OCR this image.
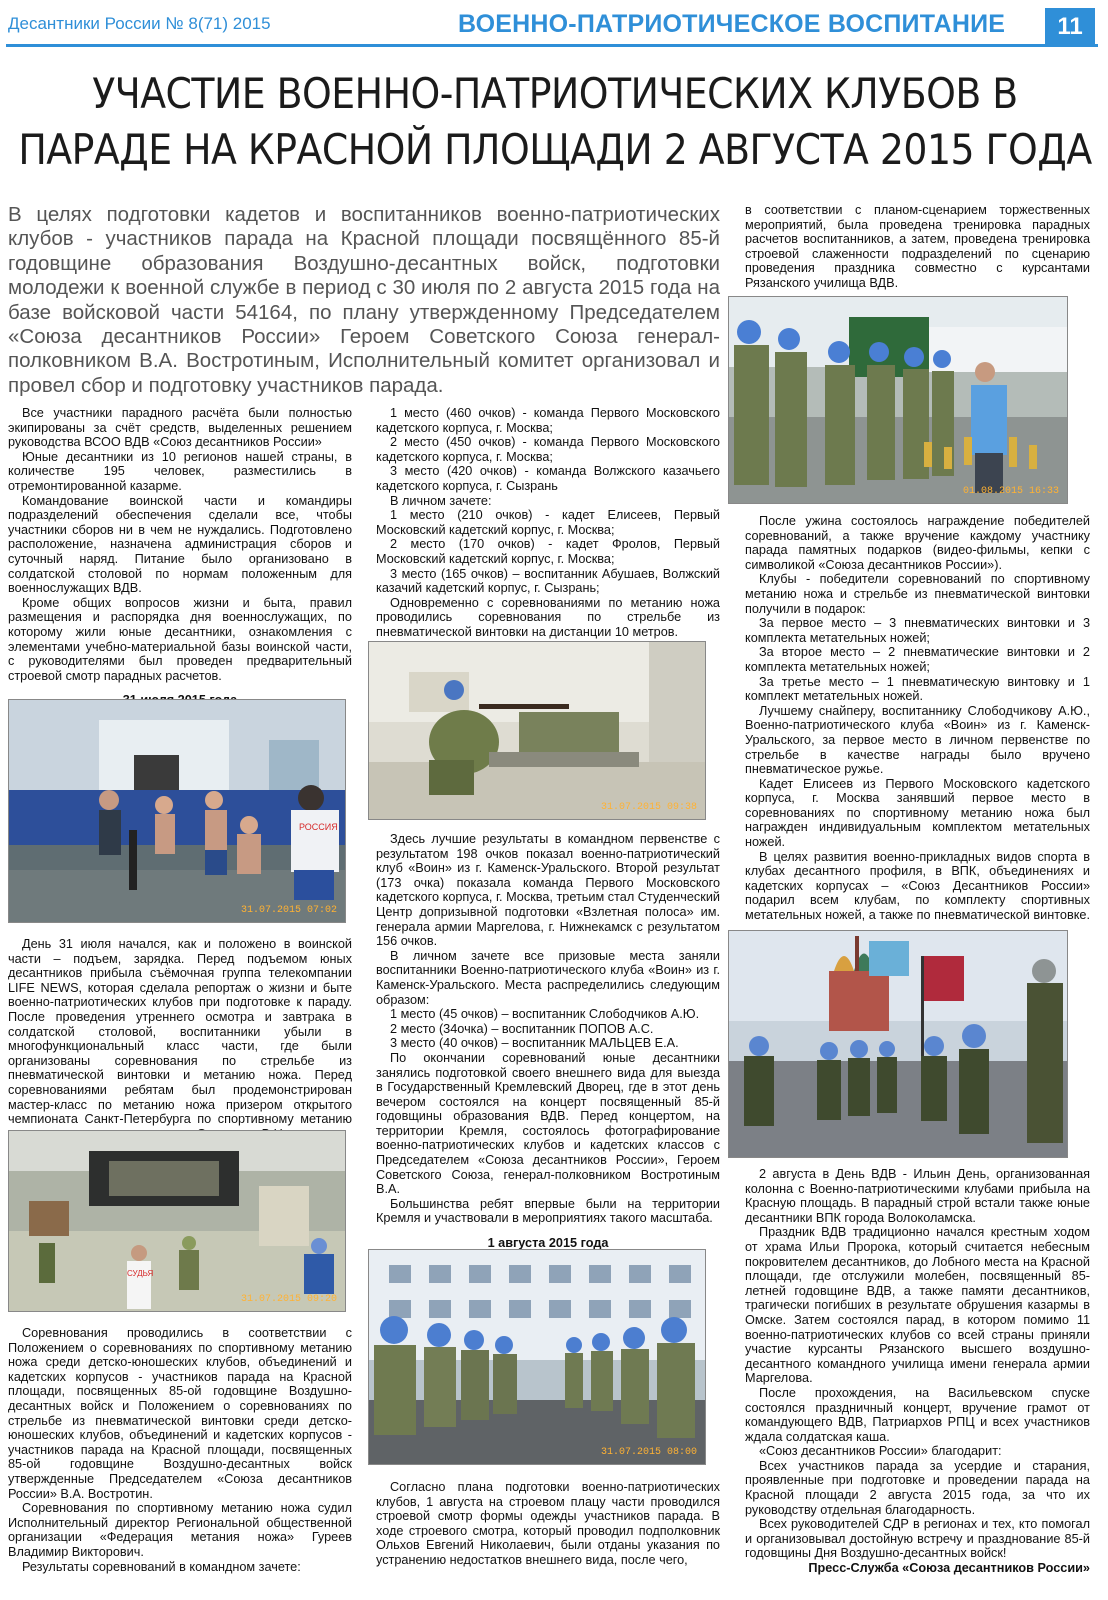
Десантники России № 8(71) 2015	ВОЕННО-ПАТРИОТИЧЕСКОЕ ВОСПИТАНИЕ	11
УЧАСТИЕ ВОЕННО-ПАТРИОТИЧЕСКИХ КЛУБОВ В ПАРАДЕ НА КРАСНОЙ ПЛОЩАДИ 2 АВГУСТА 2015 ГОДА
В целях подготовки кадетов и воспитанников военно-патриотических клубов - участников парада на Красной площади посвящённого 85-й годовщине образования Воздушно-десантных войск, подготовки молодежи к военной службе в период с 30 июля по 2 августа 2015 года на базе войсковой части 54164, по плану утвержденному Председателем «Союза десантников России» Героем Советского Союза генерал-полковником В.А. Востротиным, Исполнительный комитет организовал и провел сбор и подготовку участников парада.

Все участники парадного расчёта были полностью экипированы за счёт средств, выделенных решением руководства ВСОО ВДВ «Союз десантников России»

Юные десантники из 10 регионов нашей страны, в количестве 195 человек, разместились в отремонтированной казарме.

Командование воинской части и командиры подразделений обеспечения сделали все, чтобы участники сборов ни в чем не нуждались. Подготовлено расположение, назначена администрация сборов и суточный наряд. Питание было организовано в солдатской столовой по нормам положенным для военнослужащих ВДВ.

Кроме общих вопросов жизни и быта, правил размещения и распорядка дня военнослужащих, по которому жили юные десантники, ознакомления с элементами учебно-материальной базы воинской части, с руководителями был проведен предварительный строевой смотр парадных расчетов.

РОССИЯ
31.07.2015 07:02

День 31 июля начался, как и положено в воинской части – подъем, зарядка. Перед подъемом юных десантников прибыла съёмочная группа телекомпании LIFE NEWS, которая сделала репортаж о жизни и быте военно-патриотических клубов при подготовке к параду. После проведения утреннего осмотра и завтрака в солдатской столовой, воспитанники убыли в многофункциональный класс части, где были организованы соревнования по стрельбе из пневматической винтовки и метанию ножа. Перед соревнованиями ребятам был продемонстрирован мастер-класс по метанию ножа призером открытого чемпионата Санкт-Петербурга по спортивному метанию

СУДЬЯ
31.07.2015 09:20

Соревнования проводились в соответствии с Положением о соревнованиях по спортивному метанию ножа среди детско-юношеских клубов, объединений и кадетских корпусов - участников парада на Красной площади, посвященных 85-ой годовщине Воздушно-десантных войск и Положением о соревнованиях по стрельбе из пневматической винтовки среди детско-юношеских клубов, объединений и кадетских корпусов - участников парада на Красной площади, посвященных 85-ой годовщине Воздушно-десантных войск утвержденные Председателем «Союза десантников России» В.А. Востротин.

Соревнования по спортивному метанию ножа судил Исполнительный директор Региональной общественной организации «Федерация метания ножа» Гуреев Владимир Викторович.

Результаты соревнований в командном зачете:

1 место (460 очков) - команда Первого Московского кадетского корпуса, г. Москва;

2 место (450 очков) - команда Первого Московского кадетского корпуса, г. Москва;

3 место (420 очков) - команда Волжского казачьего кадетского корпуса, г. Сызрань

В личном зачете:

1 место (210 очков) - кадет Елисеев, Первый Московский кадетский корпус, г. Москва;

2 место (170 очков) - кадет Фролов, Первый Московский кадетский корпус, г. Москва;

3 место (165 очков) – воспитанник Абушаев, Волжский казачий кадетский корпус, г. Сызрань;

Одновременно с соревнованиями по метанию ножа проводились соревнования по стрельбе из пневматической винтовки на дистанции 10 метров.

31.07.2015 09:38

Здесь лучшие результаты в командном первенстве с результатом 198 очков показал военно-патриотический клуб «Воин» из г. Каменск-Уральского. Второй результат (173 очка) показала команда Первого Московского кадетского корпуса, г. Москва, третьим стал Студенческий Центр допризывной подготовки «Взлетная полоса» им. генерала армии Маргелова, г. Нижнекамск с результатом 156 очков.

В личном зачете все призовые места заняли воспитанники Военно-патриотического клуба «Воин» из г. Каменск-Уральского. Места распределились следующим образом:

1 место (45 очков) – воспитанник Слободчиков А.Ю.

2 место (34очка) – воспитанник ПОПОВ А.С.

3 место (40 очков) – воспитанник МАЛЬЦЕВ Е.А.

По окончании соревнований юные десантники занялись подготовкой своего внешнего вида для выезда в Государственный Кремлевский Дворец, где в этот день вечером состоялся на концерт посвященный 85-й годовщины образования ВДВ. Перед концертом, на территории Кремля, состоялось фотографирование военно-патриотических клубов и кадетских классов с Председателем «Союза десантников России», Героем Советского Союза, генерал-полковником Востротиным В.А.

Большинства ребят впервые были на территории Кремля и участвовали в мероприятиях такого масштаба.

1 августа 2015 года

31.07.2015 08:00

Согласно плана подготовки военно-патриотических клубов, 1 августа на строевом плацу части проводился строевой смотр формы одежды участников парада. В ходе строевого смотра, который проводил подполковник Ольхов Евгений Николаевич, были отданы указания по устранению недостатков внешнего вида, после чего,

в соответствии с планом-сценарием торжественных мероприятий, была проведена тренировка парадных расчетов воспитанников, а затем, проведена тренировка строевой слаженности подразделений по сценарию проведения праздника совместно с курсантами Рязанского училища ВДВ.

01.08.2015 16:33

После ужина состоялось награждение победителей соревнований, а также вручение каждому участнику парада памятных подарков (видео-фильмы, кепки с символикой «Союза десантников России»).

Клубы - победители соревнований по спортивному метанию ножа и стрельбе из пневматической винтовки получили в подарок:

За первое место – 3 пневматических винтовки и 3 комплекта метательных ножей;

За второе место – 2 пневматические винтовки и 2 комплекта метательных ножей;

За третье место – 1 пневматическую винтовку и 1 комплект метательных ножей.

Лучшему снайперу, воспитаннику Слободчикову А.Ю., Военно-патриотического клуба «Воин» из г. Каменск-Уральского, за первое место в личном первенстве по стрельбе в качестве награды было вручено пневматическое ружье.

Кадет Елисеев из Первого Московского кадетского корпуса, г. Москва занявший первое место в соревнованиях по спортивному метанию ножа был награжден индивидуальным комплектом метательных ножей.

В целях развития военно-прикладных видов спорта в клубах десантного профиля, в ВПК, объединениях и кадетских корпусах – «Союз Десантников России» подарил всем клубам, по комплекту спортивных метательных ножей, а также по пневматической винтовке.

2 августа в День ВДВ - Ильин День, организованная колонна с Военно-патриотическими клубами прибыла на Красную площадь. В парадный строй встали также юные десантники ВПК города Волоколамска.

Праздник ВДВ традиционно начался крестным ходом от храма Ильи Пророка, который считается небесным покровителем десантников, до Лобного места на Красной площади, где отслужили молебен, посвященный 85-летней годовщине ВДВ, а также памяти десантников, трагически погибших в результате обрушения казармы в Омске. Затем состоялся парад, в котором помимо 11 военно-патриотических клубов со всей страны приняли участие курсанты Рязанского высшего воздушно-десантного командного училища имени генерала армии Маргелова.

После прохождения, на Васильевском спуске состоялся праздничный концерт, вручение грамот от командующего ВДВ, Патриархов РПЦ и всех участников ждала солдатская каша.

«Союз десантников России» благодарит:

Всех участников парада за усердие и старания, проявленные при подготовке и проведении парада на Красной площади 2 августа 2015 года, за что их руководству отдельная благодарность.

Всех руководителей СДР в регионах и тех, кто помогал и организовывал достойную встречу и празднование 85-й годовщины Дня Воздушно-десантных войск!

Пресс-Служба «Союза десантников России»
